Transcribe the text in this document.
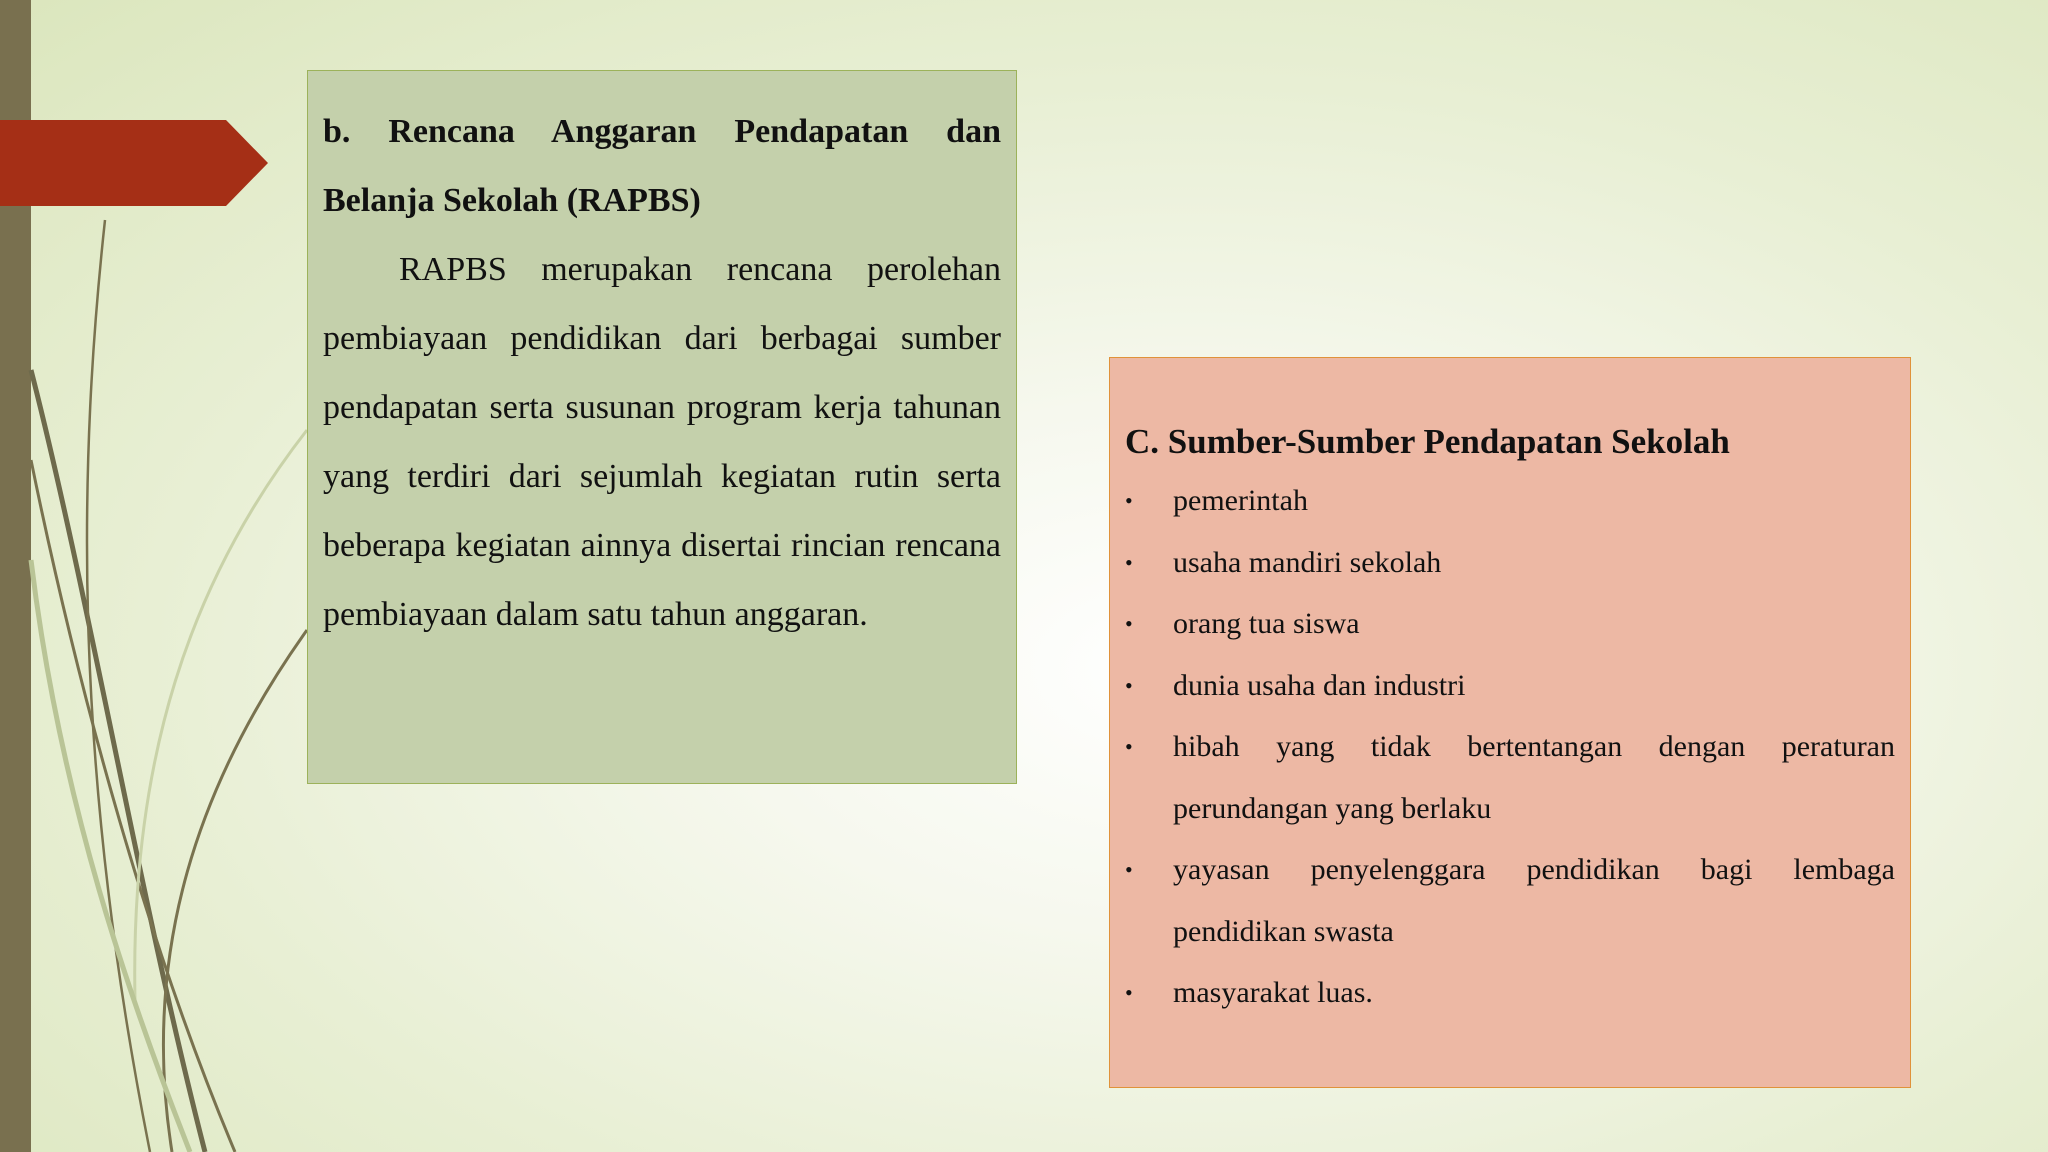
b. Rencana Anggaran Pendapatan dan Belanja Sekolah (RAPBS)

RAPBS merupakan rencana perolehan pembiayaan pendidikan dari berbagai sumber pendapatan serta susunan program kerja tahunan yang terdiri dari sejumlah kegiatan rutin serta beberapa kegiatan ainnya disertai rincian rencana pembiayaan dalam satu tahun anggaran.

C. Sumber-Sumber Pendapatan Sekolah

• pemerintah
• usaha mandiri sekolah
• orang tua siswa
• dunia usaha dan industri
• hibah yang tidak bertentangan dengan peraturan perundangan yang berlaku
• yayasan penyelenggara pendidikan bagi lembaga pendidikan swasta
• masyarakat luas.
